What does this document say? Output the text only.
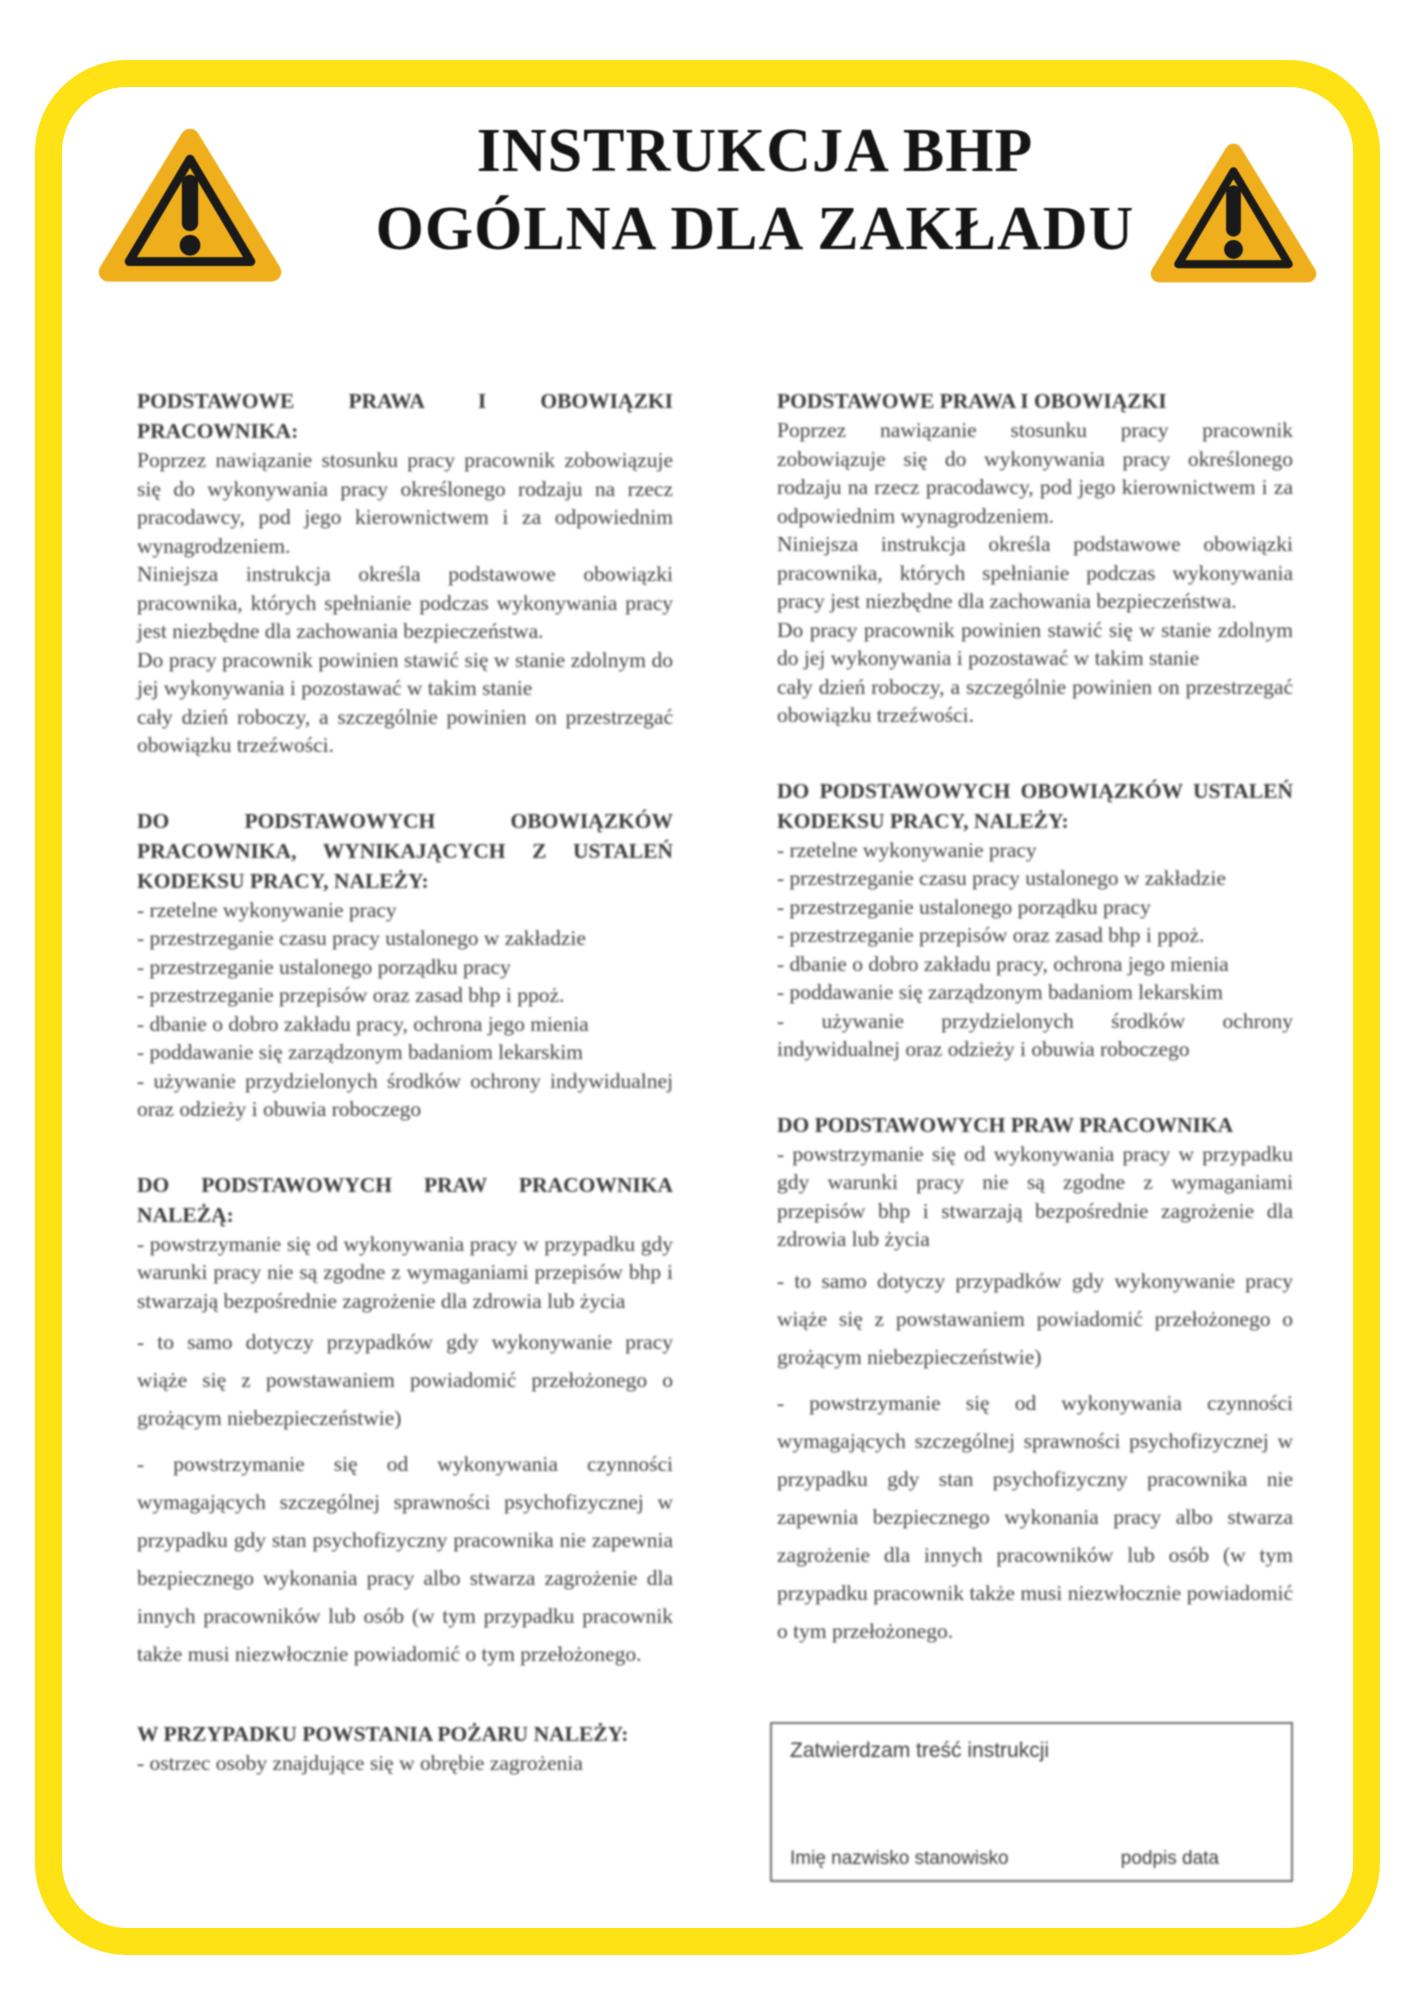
INSTRUKCJA BHP
OGÓLNA DLA ZAKŁADU
PODSTAWOWE PRAWA I OBOWIĄZKI PRACOWNIKA:
Poprzez nawiązanie stosunku pracy pracownik zobowiązuje się do wykonywania pracy określonego rodzaju na rzecz pracodawcy, pod jego kierownictwem i za odpowiednim wynagrodzeniem.
Niniejsza instrukcja określa podstawowe obowiązki pracownika, których spełnianie podczas wykonywania pracy jest niezbędne dla zachowania bezpieczeństwa.
Do pracy pracownik powinien stawić się w stanie zdolnym do jej wykonywania i pozostawać w takim stanie
cały dzień roboczy, a szczególnie powinien on przestrzegać obowiązku trzeźwości.
DO PODSTAWOWYCH OBOWIĄZKÓW PRACOWNIKA, WYNIKAJĄCYCH Z USTALEŃ KODEKSU PRACY, NALEŻY:
- rzetelne wykonywanie pracy
- przestrzeganie czasu pracy ustalonego w zakładzie
- przestrzeganie ustalonego porządku pracy
- przestrzeganie przepisów oraz zasad bhp i ppoż.
- dbanie o dobro zakładu pracy, ochrona jego mienia
- poddawanie się zarządzonym badaniom lekarskim
- używanie przydzielonych środków ochrony indywidualnej oraz odzieży i obuwia roboczego
DO PODSTAWOWYCH PRAW PRACOWNIKA NALEŻĄ:
- powstrzymanie się od wykonywania pracy w przypadku gdy warunki pracy nie są zgodne z wymaganiami przepisów bhp i stwarzają bezpośrednie zagrożenie dla zdrowia lub życia
- to samo dotyczy przypadków gdy wykonywanie pracy wiąże się z powstawaniem powiadomić przełożonego o grożącym niebezpieczeństwie)
- powstrzymanie się od wykonywania czynności wymagających szczególnej sprawności psychofizycznej w przypadku gdy stan psychofizyczny pracownika nie zapewnia bezpiecznego wykonania pracy albo stwarza zagrożenie dla innych pracowników lub osób (w tym przypadku pracownik także musi niezwłocznie powiadomić o tym przełożonego.
W PRZYPADKU POWSTANIA POŻARU NALEŻY:
- ostrzec osoby znajdujące się w obrębie zagrożenia
PODSTAWOWE PRAWA I OBOWIĄZKI
Poprzez nawiązanie stosunku pracy pracownik zobowiązuje się do wykonywania pracy określonego rodzaju na rzecz pracodawcy, pod jego kierownictwem i za odpowiednim wynagrodzeniem.
Niniejsza instrukcja określa podstawowe obowiązki pracownika, których spełnianie podczas wykonywania pracy jest niezbędne dla zachowania bezpieczeństwa.
Do pracy pracownik powinien stawić się w stanie zdolnym do jej wykonywania i pozostawać w takim stanie
cały dzień roboczy, a szczególnie powinien on przestrzegać obowiązku trzeźwości.
DO PODSTAWOWYCH OBOWIĄZKÓW USTALEŃ KODEKSU PRACY, NALEŻY:
- rzetelne wykonywanie pracy
- przestrzeganie czasu pracy ustalonego w zakładzie
- przestrzeganie ustalonego porządku pracy
- przestrzeganie przepisów oraz zasad bhp i ppoż.
- dbanie o dobro zakładu pracy, ochrona jego mienia
- poddawanie się zarządzonym badaniom lekarskim
- używanie przydzielonych środków ochrony indywidualnej oraz odzieży i obuwia roboczego
DO PODSTAWOWYCH PRAW PRACOWNIKA
- powstrzymanie się od wykonywania pracy w przypadku gdy warunki pracy nie są zgodne z wymaganiami przepisów bhp i stwarzają bezpośrednie zagrożenie dla zdrowia lub życia
- to samo dotyczy przypadków gdy wykonywanie pracy wiąże się z powstawaniem powiadomić przełożonego o grożącym niebezpieczeństwie)
- powstrzymanie się od wykonywania czynności wymagających szczególnej sprawności psychofizycznej w przypadku gdy stan psychofizyczny pracownika nie zapewnia bezpiecznego wykonania pracy albo stwarza zagrożenie dla innych pracowników lub osób (w tym przypadku pracownik także musi niezwłocznie powiadomić o tym przełożonego.
Zatwierdzam treść instrukcji
Imię nazwisko stanowisko	podpis data
